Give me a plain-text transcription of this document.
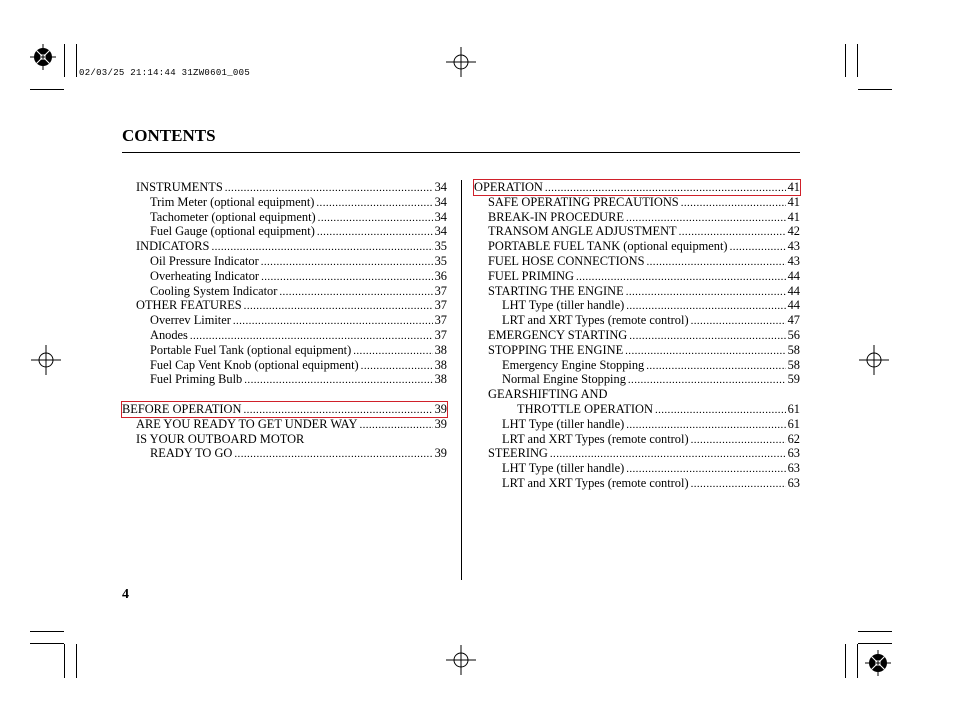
02/03/25 21:14:44 31ZW0601_005
CONTENTS
INSTRUMENTS .....	34
Trim Meter (optional equipment) .....	34
Tachometer (optional equipment) .....	34
Fuel Gauge (optional equipment) .....	34
INDICATORS .....	35
Oil Pressure Indicator .....	35
Overheating Indicator .....	36
Cooling System Indicator .....	37
OTHER FEATURES .....	37
Overrev Limiter .....	37
Anodes .....	37
Portable Fuel Tank (optional equipment) .....	38
Fuel Cap Vent Knob (optional equipment) .....	38
Fuel Priming Bulb .....	38
BEFORE OPERATION .....	39
ARE YOU READY TO GET UNDER WAY .....	39
IS YOUR OUTBOARD MOTOR
READY TO GO .....	39
OPERATION .....	41
SAFE OPERATING PRECAUTIONS .....	41
BREAK-IN PROCEDURE .....	41
TRANSOM ANGLE ADJUSTMENT .....	42
PORTABLE FUEL TANK (optional equipment) .....	43
FUEL HOSE CONNECTIONS .....	43
FUEL PRIMING .....	44
STARTING THE ENGINE .....	44
LHT Type (tiller handle) .....	44
LRT and XRT Types (remote control) .....	47
EMERGENCY STARTING .....	56
STOPPING THE ENGINE .....	58
Emergency Engine Stopping .....	58
Normal Engine Stopping .....	59
GEARSHIFTING AND
THROTTLE OPERATION .....	61
LHT Type (tiller handle) .....	61
LRT and XRT Types (remote control) .....	62
STEERING .....	63
LHT Type (tiller handle) .....	63
LRT and XRT Types (remote control) .....	63
4
